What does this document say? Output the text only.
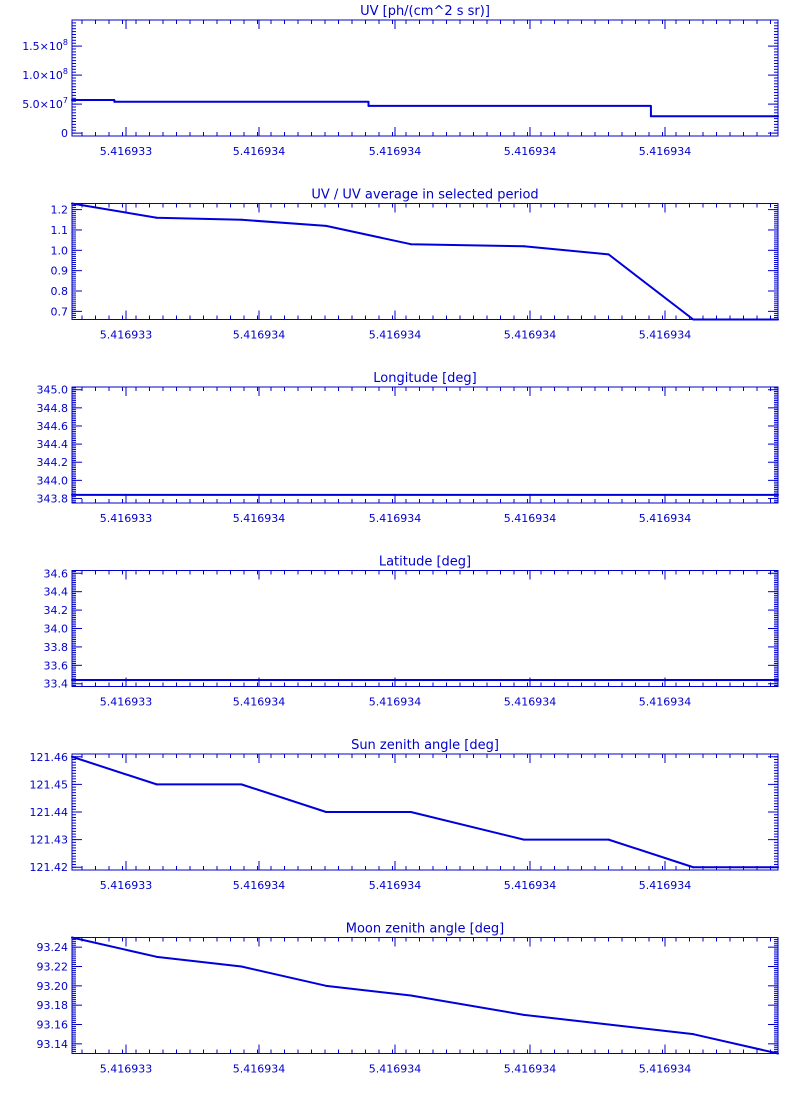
UV [ph/(cm^2 s sr)]
0
$5.0\times 10^7$
$1.0\times 10^8$
$1.5\times 10^8$
5.416933	5.416934	5.416934	5.416934	5.416934
UV / UV average in selected period
0.7
0.8
0.9
1.0
1.1
1.2
5.416933	5.416934	5.416934	5.416934	5.416934
Longitude [deg]
343.8
344.0
344.2
344.4
344.6
344.8
345.0
5.416933	5.416934	5.416934	5.416934	5.416934
Latitude [deg]
33.4
33.6
33.8
34.0
34.2
34.4
34.6
5.416933	5.416934	5.416934	5.416934	5.416934
Sun zenith angle [deg]
121.42
121.43
121.44
121.45
121.46
5.416933	5.416934	5.416934	5.416934	5.416934
Moon zenith angle [deg]
93.14
93.16
93.18
93.20
93.22
93.24
5.416933	5.416934	5.416934	5.416934	5.416934
